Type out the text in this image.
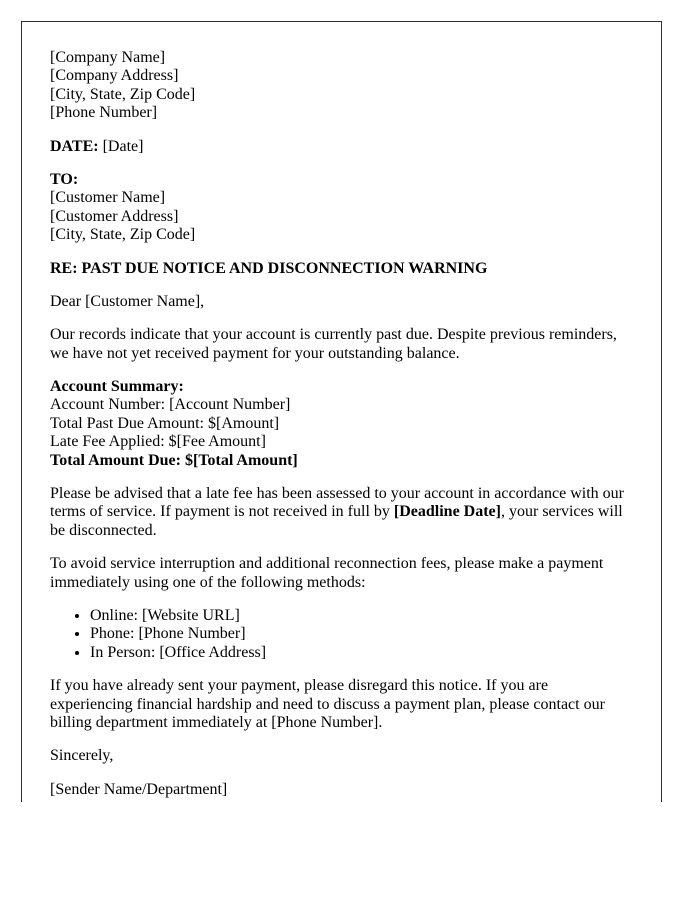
[Company Name]
[Company Address]
[City, State, Zip Code]
[Phone Number]

DATE: [Date]

TO:
[Customer Name]
[Customer Address]
[City, State, Zip Code]

RE: PAST DUE NOTICE AND DISCONNECTION WARNING

Dear [Customer Name],

Our records indicate that your account is currently past due. Despite previous reminders, we have not yet received payment for your outstanding balance.

Account Summary:
Account Number: [Account Number]
Total Past Due Amount: $[Amount]
Late Fee Applied: $[Fee Amount]
Total Amount Due: $[Total Amount]

Please be advised that a late fee has been assessed to your account in accordance with our terms of service. If payment is not received in full by [Deadline Date], your services will be disconnected.

To avoid service interruption and additional reconnection fees, please make a payment immediately using one of the following methods:

• Online: [Website URL]
• Phone: [Phone Number]
• In Person: [Office Address]

If you have already sent your payment, please disregard this notice. If you are experiencing financial hardship and need to discuss a payment plan, please contact our billing department immediately at [Phone Number].

Sincerely,

[Sender Name/Department]
